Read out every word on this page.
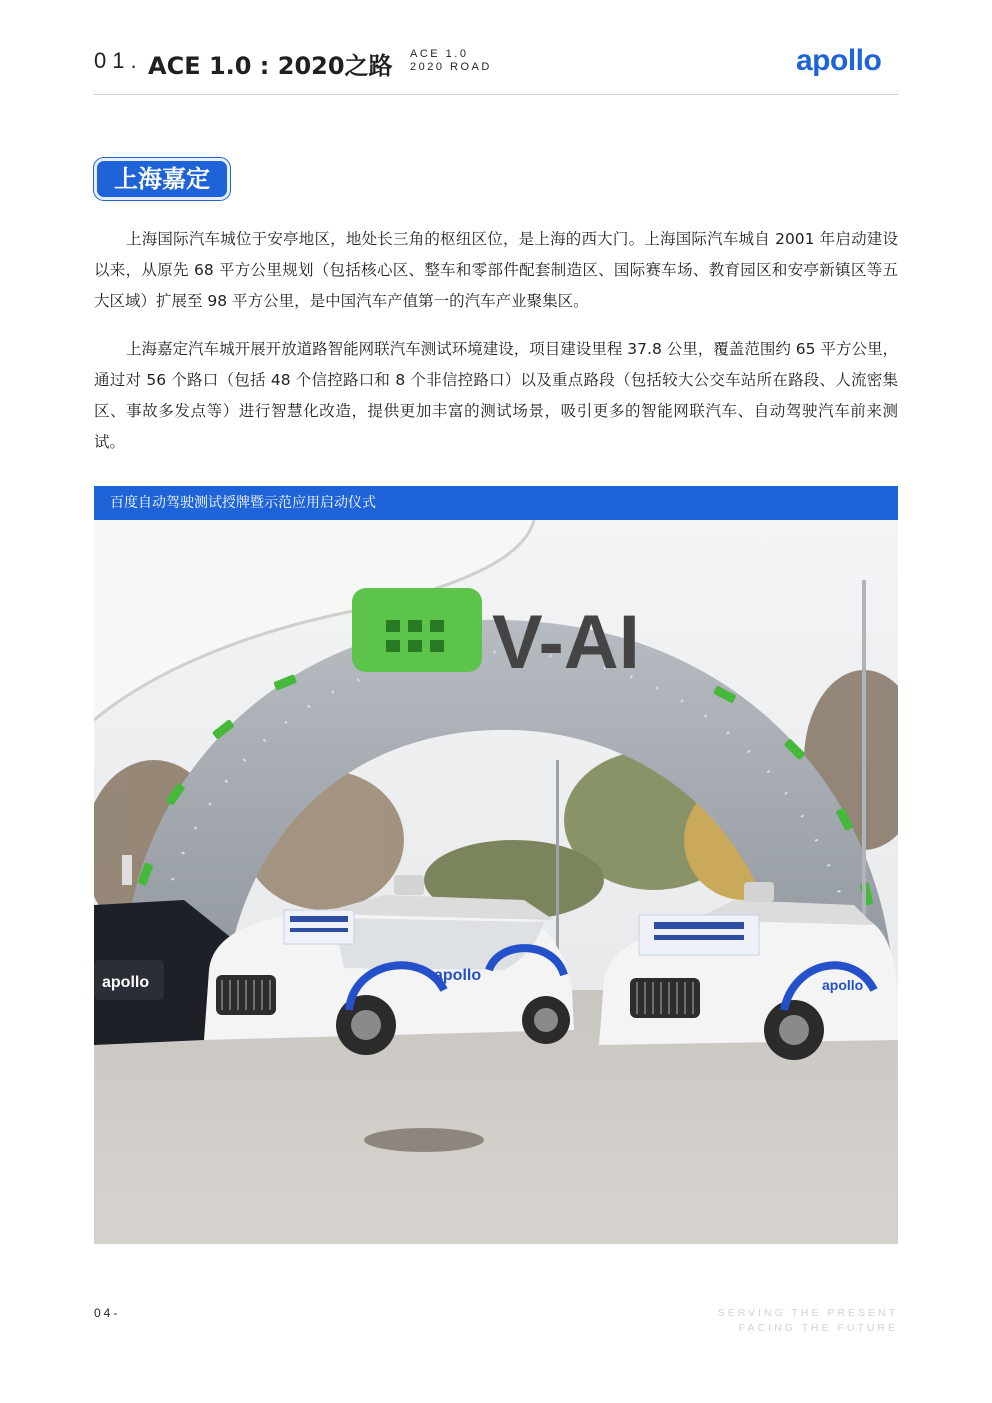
01. ACE 1.0 : 2020之路 ACE 1.0
2020 ROAD	apollo
上海嘉定

上海国际汽车城位于安亭地区，地处长三角的枢纽区位，是上海的西大门。上海国际汽车城自 2001 年启动建设以来，从原先 68 平方公里规划（包括核心区、整车和零部件配套制造区、国际赛车场、教育园区和安亭新镇区等五大区域）扩展至 98 平方公里，是中国汽车产值第一的汽车产业聚集区。

上海嘉定汽车城开展开放道路智能网联汽车测试环境建设，项目建设里程 37.8 公里，覆盖范围约 65 平方公里，通过对 56 个路口（包括 48 个信控路口和 8 个非信控路口）以及重点路段（包括较大公交车站所在路段、人流密集区、事故多发点等）进行智慧化改造，提供更加丰富的测试场景，吸引更多的智能网联汽车、自动驾驶汽车前来测试。

百度自动驾驶测试授牌暨示范应用启动仪式
V-AI
apollo	apollo
apollo
04-	SERVING THE PRESENT
FACING THE FUTURE
